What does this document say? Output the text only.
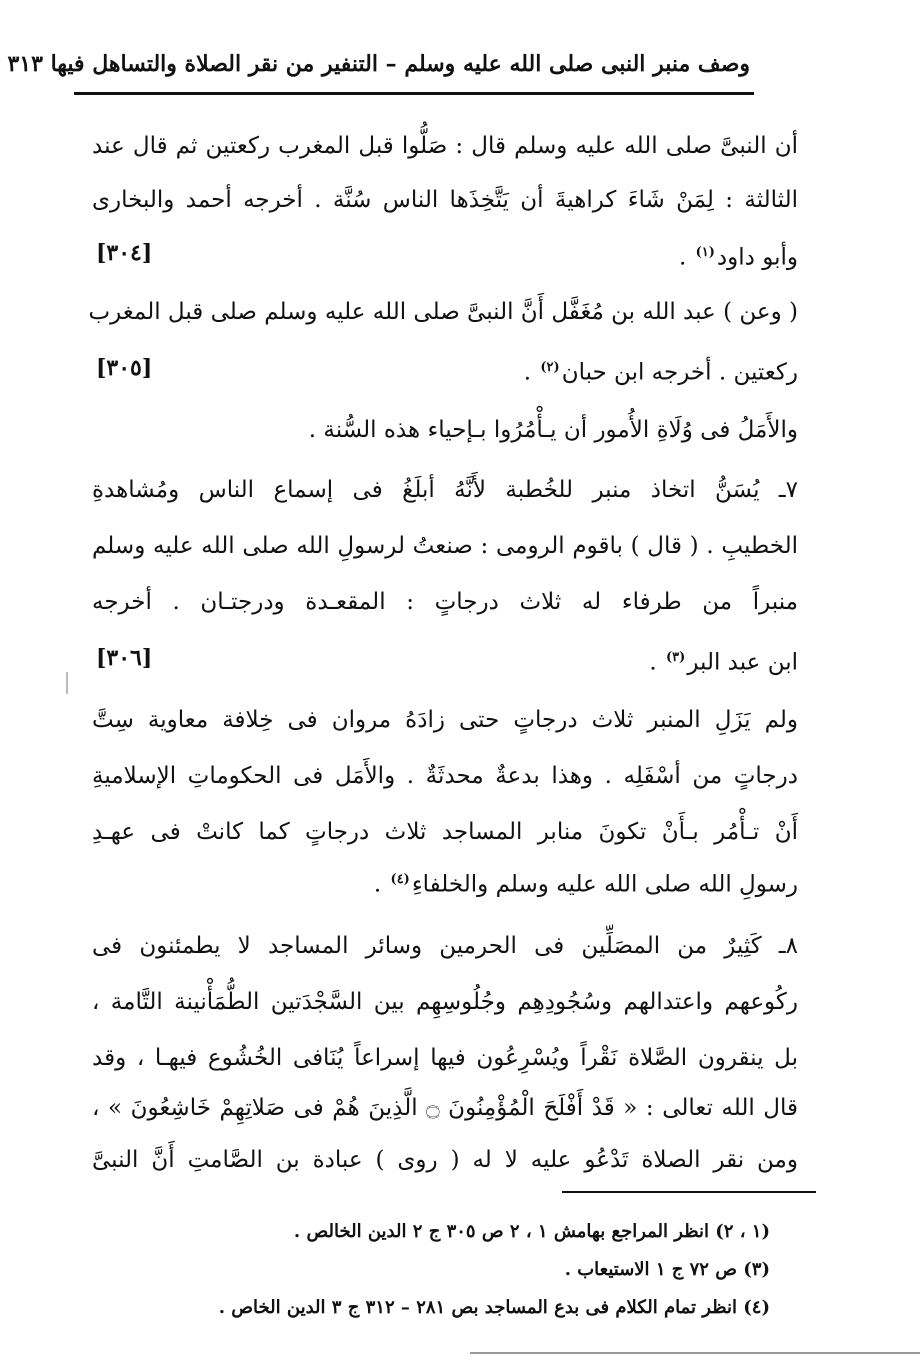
وصف منبر النبى صلى الله عليه وسلم – التنفير من نقر الصلاة والتساهل فيها ٣١٣
أن النبىَّ صلى الله عليه وسلم قال : صَلُّوا قبل المغرب ركعتين ثم قال عند
الثالثة : لِمَنْ شَاءَ كراهيةَ أن يَتَّخِذَها الناس سُنَّة . أخرجه أحمد والبخارى
وأبو داود$^{(١)}$ .
[٣٠٤]
( وعن ) عبد الله بن مُغَفَّل أَنَّ النبىَّ صلى الله عليه وسلم صلى قبل المغرب
ركعتين . أخرجه ابن حبان$^{(٢)}$ .
[٣٠٥]
والأَمَلُ فى وُلَاةِ الأُمور أن يـأْمُرُوا بـإحياء هذه السُّنة .
٧ـ يُسَنُّ اتخاذ منبر للخُطبة لأَنَّهُ أبلَغُ فى إسماع الناس ومُشاهدةِ
الخطيبِ . ( قال ) باقوم الرومى : صنعتُ لرسولِ الله صلى الله عليه وسلم
منبراً من طرفاء له ثلاث درجاتٍ : المقعـدة ودرجتـان . أخرجه
ابن عبد البر$^{(٣)}$ .
[٣٠٦]
ولم يَزَلِ المنبر ثلاث درجاتٍ حتى زادَهُ مروان فى خِلافة معاوية سِتَّ
درجاتٍ من أسْفَلِه . وهذا بدعةٌ محدثَةٌ . والأَمَل فى الحكوماتِ الإسلاميةِ
أَنْ تـأْمُر بـأَنْ تكونَ منابر المساجد ثلاث درجاتٍ كما كانتْ فى عهـدِ
رسولِ الله صلى الله عليه وسلم والخلفاءِ$^{(٤)}$ .
٨ـ كَثِيرٌ من المصَلِّين فى الحرمين وسائر المساجد لا يطمئنون فى
ركُوعهم واعتدالهم وسُجُودِهِم وجُلُوسِهِم بين السَّجْدَتين الطُّمَأْنينة التَّامة ،
بل ينقرون الصَّلاة نَقْراً ويُسْرِعُون فيها إسراعاً يُنَافى الخُشُوع فيهـا ، وقد
قال الله تعالى : « قَدْ أَفْلَحَ الْمُؤْمِنُونَ ۝ الَّذِينَ هُمْ فى صَلاتِهِمْ خَاشِعُونَ » ،
ومن نقر الصلاة تَدْعُو عليه لا له ( روى ) عبادة بن الصَّامتِ أَنَّ النبىَّ
(١ ، ٢) انظر المراجع بهامش ١ ، ٢ ص ٣٠٥ ج ٢ الدين الخالص .
(٣) ص ٧٢ ج ١ الاستيعاب .
(٤) انظر تمام الكلام فى بدع المساجد بص ٢٨١ – ٣١٢ ج ٣ الدين الخاص .
